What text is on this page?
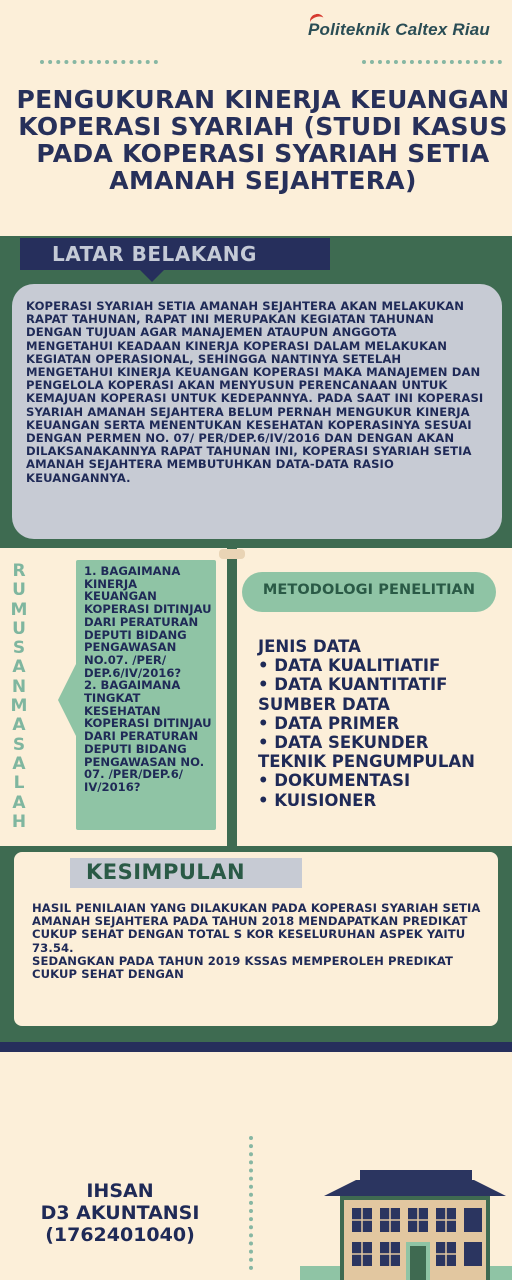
Politeknik Caltex Riau
PENGUKURAN KINERJA KEUANGAN KOPERASI SYARIAH (STUDI KASUS PADA KOPERASI SYARIAH SETIA AMANAH SEJAHTERA)
LATAR BELAKANG
KOPERASI SYARIAH SETIA AMANAH SEJAHTERA AKAN MELAKUKAN RAPAT TAHUNAN, RAPAT INI MERUPAKAN KEGIATAN TAHUNAN DENGAN TUJUAN AGAR MANAJEMEN ATAUPUN ANGGOTA MENGETAHUI KEADAAN KINERJA KOPERASI DALAM MELAKUKAN KEGIATAN OPERASIONAL, SEHINGGA NANTINYA SETELAH MENGETAHUI KINERJA KEUANGAN KOPERASI MAKA MANAJEMEN DAN PENGELOLA KOPERASI AKAN MENYUSUN PERENCANAAN UNTUK KEMAJUAN KOPERASI UNTUK KEDEPANNYA. PADA SAAT INI KOPERASI SYARIAH AMANAH SEJAHTERA BELUM PERNAH MENGUKUR KINERJA KEUANGAN SERTA MENENTUKAN KESEHATAN KOPERASINYA SESUAI DENGAN PERMEN NO. 07/ PER/DEP.6/IV/2016 DAN DENGAN AKAN DILAKSANAKANNYA RAPAT TAHUNAN INI, KOPERASI SYARIAH SETIA AMANAH SEJAHTERA MEMBUTUHKAN DATA-DATA RASIO KEUANGANNYA.
R
U
M
U
S
A
N
M
A
S
A
L
A
H
1. BAGAIMANA KINERJA KEUANGAN KOPERASI DITINJAU DARI PERATURAN DEPUTI BIDANG PENGAWASAN NO.07. /PER/ DEP.6/IV/2016?
2. BAGAIMANA TINGKAT KESEHATAN KOPERASI DITINJAU DARI PERATURAN DEPUTI BIDANG PENGAWASAN NO. 07. /PER/DEP.6/ IV/2016?
METODOLOGI PENELITIAN
JENIS DATA
• DATA KUALITIATIF
• DATA KUANTITATIF
SUMBER DATA
• DATA PRIMER
• DATA SEKUNDER
TEKNIK PENGUMPULAN
• DOKUMENTASI
• KUISIONER
KESIMPULAN
HASIL PENILAIAN YANG DILAKUKAN PADA KOPERASI SYARIAH SETIA AMANAH SEJAHTERA PADA TAHUN 2018 MENDAPATKAN PREDIKAT CUKUP SEHAT DENGAN TOTAL S KOR KESELURUHAN ASPEK YAITU 73.54.
SEDANGKAN PADA TAHUN 2019 KSSAS MEMPEROLEH PREDIKAT CUKUP SEHAT DENGAN
IHSAN
D3 AKUNTANSI
(1762401040)
